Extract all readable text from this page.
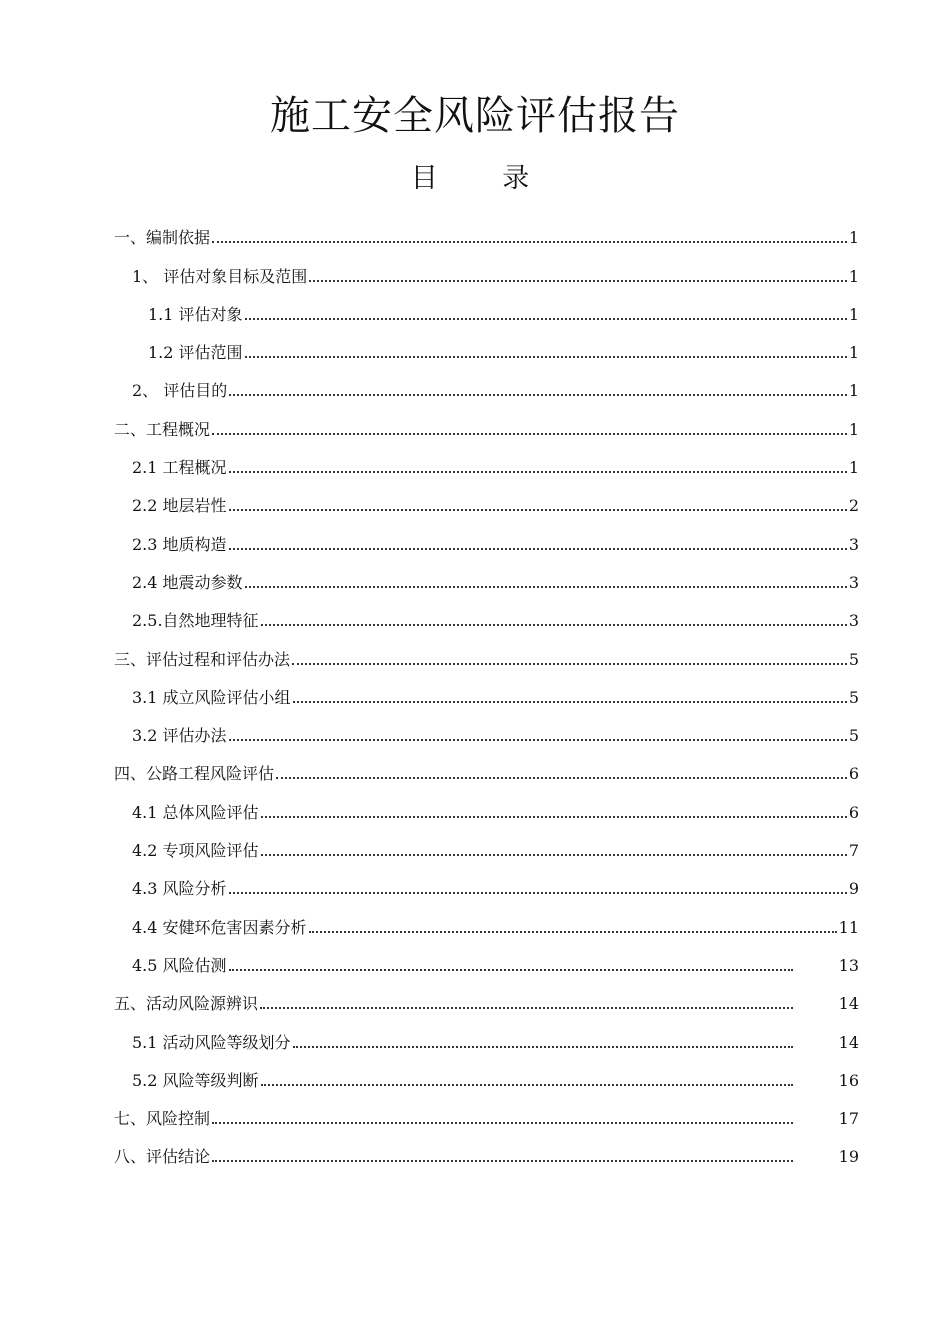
施工安全风险评估报告
目 录
一、编制依据	1
1、 评估对象目标及范围	1
1.1 评估对象	1
1.2 评估范围	1
2、 评估目的	1
二、工程概况	1
2.1 工程概况	1
2.2 地层岩性	2
2.3 地质构造	3
2.4 地震动参数	3
2.5.自然地理特征	3
三、评估过程和评估办法	5
3.1 成立风险评估小组	5
3.2 评估办法	5
四、公路工程风险评估	6
4.1 总体风险评估	6
4.2 专项风险评估	7
4.3 风险分析	9
4.4 安健环危害因素分析	11
4.5 风险估测	13
五、活动风险源辨识	14
5.1 活动风险等级划分	14
5.2 风险等级判断	16
七、风险控制	17
八、评估结论	19
